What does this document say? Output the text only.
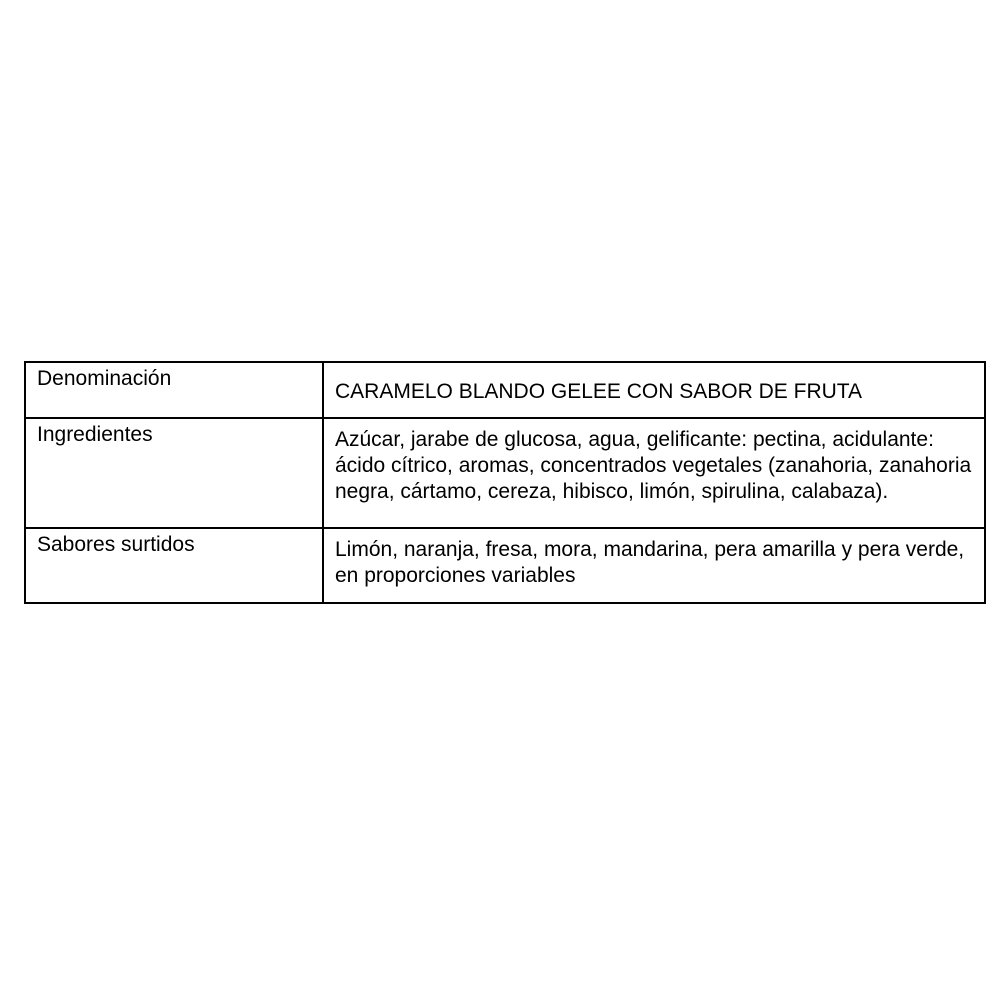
Denominación	CARAMELO BLANDO GELEE CON SABOR DE FRUTA
Ingredientes	Azúcar, jarabe de glucosa, agua, gelificante: pectina, acidulante: ácido cítrico, aromas, concentrados vegetales (zanahoria, zanahoria negra, cártamo, cereza, hibisco, limón, spirulina, calabaza).
Sabores surtidos	Limón, naranja, fresa, mora, mandarina, pera amarilla y pera verde, en proporciones variables
